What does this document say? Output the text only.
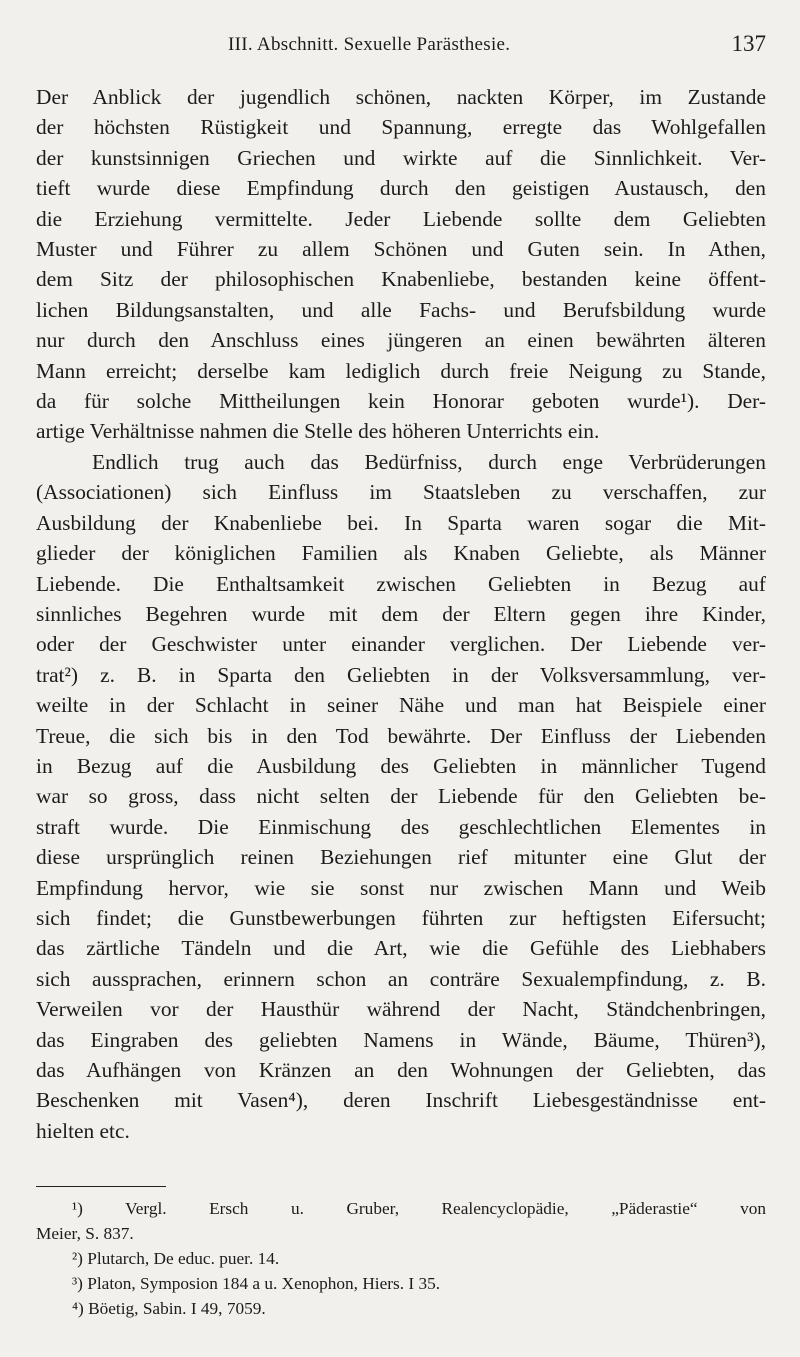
III. Abschnitt. Sexuelle Parästhesie.	137
Der Anblick der jugendlich schönen, nackten Körper, im Zustande
der höchsten Rüstigkeit und Spannung, erregte das Wohlgefallen
der kunstsinnigen Griechen und wirkte auf die Sinnlichkeit. Ver-
tieft wurde diese Empfindung durch den geistigen Austausch, den
die Erziehung vermittelte. Jeder Liebende sollte dem Geliebten
Muster und Führer zu allem Schönen und Guten sein. In Athen,
dem Sitz der philosophischen Knabenliebe, bestanden keine öffent-
lichen Bildungsanstalten, und alle Fachs- und Berufsbildung wurde
nur durch den Anschluss eines jüngeren an einen bewährten älteren
Mann erreicht; derselbe kam lediglich durch freie Neigung zu Stande,
da für solche Mittheilungen kein Honorar geboten wurde¹). Der-
artige Verhältnisse nahmen die Stelle des höheren Unterrichts ein.
Endlich trug auch das Bedürfniss, durch enge Verbrüderungen
(Associationen) sich Einfluss im Staatsleben zu verschaffen, zur
Ausbildung der Knabenliebe bei. In Sparta waren sogar die Mit-
glieder der königlichen Familien als Knaben Geliebte, als Männer
Liebende. Die Enthaltsamkeit zwischen Geliebten in Bezug auf
sinnliches Begehren wurde mit dem der Eltern gegen ihre Kinder,
oder der Geschwister unter einander verglichen. Der Liebende ver-
trat²) z. B. in Sparta den Geliebten in der Volksversammlung, ver-
weilte in der Schlacht in seiner Nähe und man hat Beispiele einer
Treue, die sich bis in den Tod bewährte. Der Einfluss der Liebenden
in Bezug auf die Ausbildung des Geliebten in männlicher Tugend
war so gross, dass nicht selten der Liebende für den Geliebten be-
straft wurde. Die Einmischung des geschlechtlichen Elementes in
diese ursprünglich reinen Beziehungen rief mitunter eine Glut der
Empfindung hervor, wie sie sonst nur zwischen Mann und Weib
sich findet; die Gunstbewerbungen führten zur heftigsten Eifersucht;
das zärtliche Tändeln und die Art, wie die Gefühle des Liebhabers
sich aussprachen, erinnern schon an conträre Sexualempfindung, z. B.
Verweilen vor der Hausthür während der Nacht, Ständchenbringen,
das Eingraben des geliebten Namens in Wände, Bäume, Thüren³),
das Aufhängen von Kränzen an den Wohnungen der Geliebten, das
Beschenken mit Vasen⁴), deren Inschrift Liebesgeständnisse ent-
hielten etc.
¹) Vergl. Ersch u. Gruber, Realencyclopädie, „Päderastie“ von
Meier, S. 837.
²) Plutarch, De educ. puer. 14.
³) Platon, Symposion 184 a u. Xenophon, Hiers. I 35.
⁴) Böetig, Sabin. I 49, 7059.
